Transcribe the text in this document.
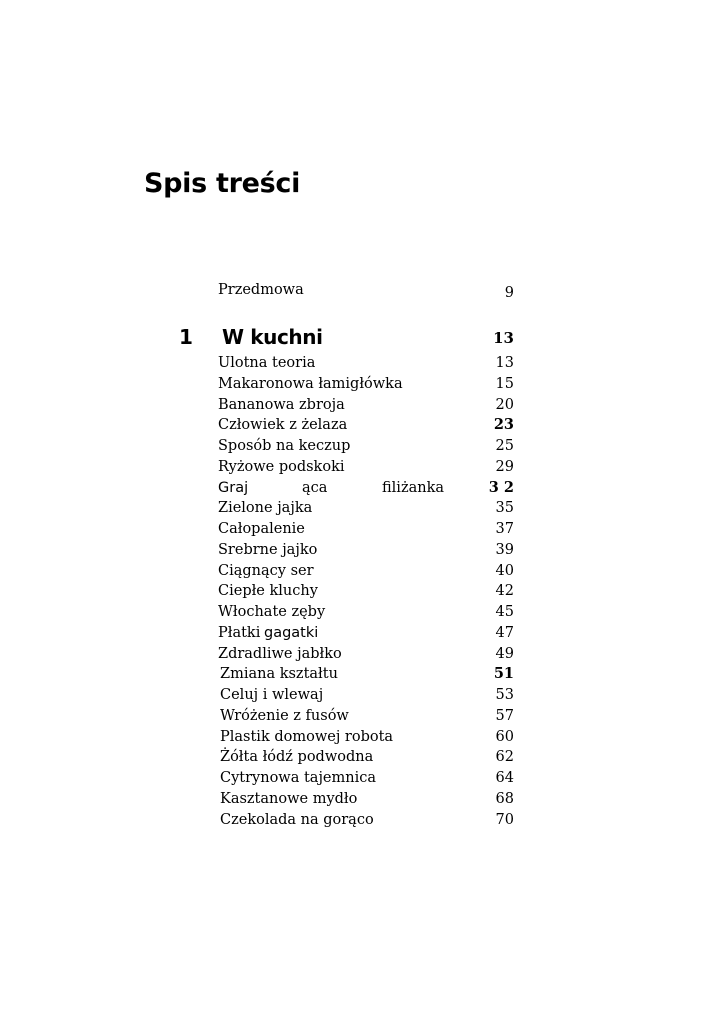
Spis treści
Przedmowa	9
1 W kuchni	13
Ulotna teoria	13
Makaronowa łamigłówka	15
Bananowa zbroja	20
Człowiek z żelaza	23
Sposób na keczup	25
Ryżowe podskoki	29
Graj	ąca	filiżanka	3 2
Zielone jajka	35
Całopalenie	37
Srebrne jajko	39
Ciągnący ser	40
Ciepłe kluchy	42
Włochate zęby	45
Płatki gagatki	47
Zdradliwe jabłko	49
Zmiana kształtu	51
Celuj i wlewaj	53
Wróżenie z fusów	57
Plastik domowej robota	60
Żółta łódź podwodna	62
Cytrynowa tajemnica	64
Kasztanowe mydło	68
Czekolada na gorąco	70
